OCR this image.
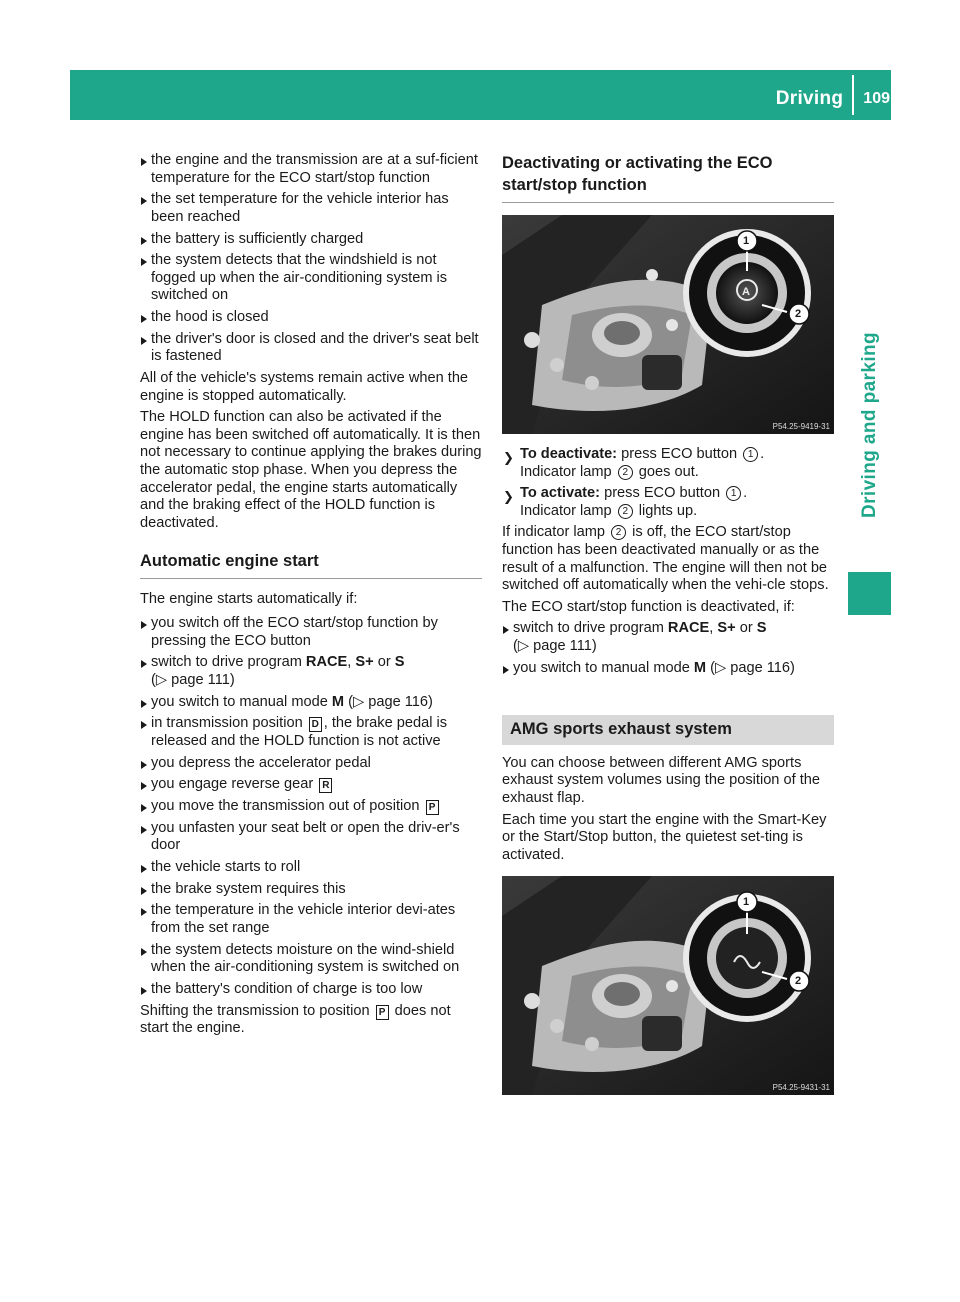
Driving	109
Driving and parking
the engine and the transmission are at a suf-ficient temperature for the ECO start/stop function
the set temperature for the vehicle interior has been reached
the battery is sufficiently charged
the system detects that the windshield is not fogged up when the air-conditioning system is switched on
the hood is closed
the driver's door is closed and the driver's seat belt is fastened

All of the vehicle's systems remain active when the engine is stopped automatically.

The HOLD function can also be activated if the engine has been switched off automatically. It is then not necessary to continue applying the brakes during the automatic stop phase. When you depress the accelerator pedal, the engine starts automatically and the braking effect of the HOLD function is deactivated.

Automatic engine start

The engine starts automatically if:

you switch off the ECO start/stop function by pressing the ECO button
switch to drive program RACE, S+ or S
(▷ page 111)
you switch to manual mode M (▷ page 116)
in transmission position D , the brake pedal is released and the HOLD function is not active
you depress the accelerator pedal
you engage reverse gear R
you move the transmission out of position P
you unfasten your seat belt or open the driv-er's door
the vehicle starts to roll
the brake system requires this
the temperature in the vehicle interior devi-ates from the set range
the system detects moisture on the wind-shield when the air-conditioning system is switched on
the battery's condition of charge is too low

Shifting the transmission to position P does not start the engine.

Deactivating or activating the ECO start/stop function
A
1
2
P54.25-9419-31
❯ To deactivate: press ECO button 1 .
Indicator lamp 2 goes out.
❯ To activate: press ECO button 1 .
Indicator lamp 2 lights up.

If indicator lamp 2 is off, the ECO start/stop function has been deactivated manually or as the result of a malfunction. The engine will then not be switched off automatically when the vehi-cle stops.

The ECO start/stop function is deactivated, if:

switch to drive program RACE, S+ or S
(▷ page 111)
you switch to manual mode M (▷ page 116)
AMG sports exhaust system

You can choose between different AMG sports exhaust system volumes using the position of the exhaust flap.

Each time you start the engine with the Smart-Key or the Start/Stop button, the quietest set-ting is activated.

1
2
P54.25-9431-31
